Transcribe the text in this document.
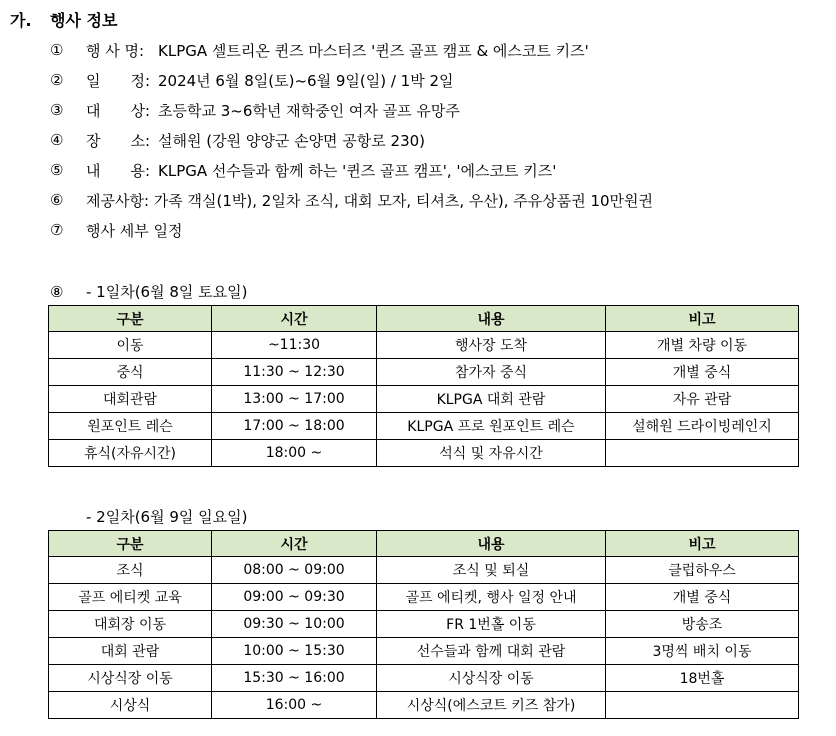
가. 행사 정보
①	행 사 명: KLPGA 셀트리온 퀸즈 마스터즈 '퀸즈 골프 캠프 & 에스코트 키즈'
②	일　　정: 2024년 6월 8일(토)~6월 9일(일) / 1박 2일
③	대　　상: 초등학교 3~6학년 재학중인 여자 골프 유망주
④	장　　소: 설해원 (강원 양양군 손양면 공항로 230)
⑤	내　　용: KLPGA 선수들과 함께 하는 '퀸즈 골프 캠프', '에스코트 키즈'
⑥	제공사항:
가족 객실(1박), 2일차 조식, 대회 모자, 티셔츠, 우산), 주유상품권 10만원권
⑦	행사 세부 일정
⑧ - 1일차(6월 8일 토요일)
구분	시간	내용	비고
이동	~11:30	행사장 도착	개별 차량 이동
중식	11:30 ~ 12:30	참가자 중식	개별 중식
대회관람	13:00 ~ 17:00	KLPGA 대회 관람	자유 관람
원포인트 레슨	17:00 ~ 18:00	KLPGA 프로 원포인트 레슨	설해원 드라이빙레인지
휴식(자유시간)	18:00 ~	석식 및 자유시간	
- 2일차(6월 9일 일요일)
구분	시간	내용	비고
조식	08:00 ~ 09:00	조식 및 퇴실	클럽하우스
골프 에티켓 교육	09:00 ~ 09:30	골프 에티켓, 행사 일정 안내	개별 중식
대회장 이동	09:30 ~ 10:00	FR 1번홀 이동	방송조
대회 관람	10:00 ~ 15:30	선수들과 함께 대회 관람	3명씩 배치 이동
시상식장 이동	15:30 ~ 16:00	시상식장 이동	18번홀
시상식	16:00 ~	시상식(에스코트 키즈 참가)	
